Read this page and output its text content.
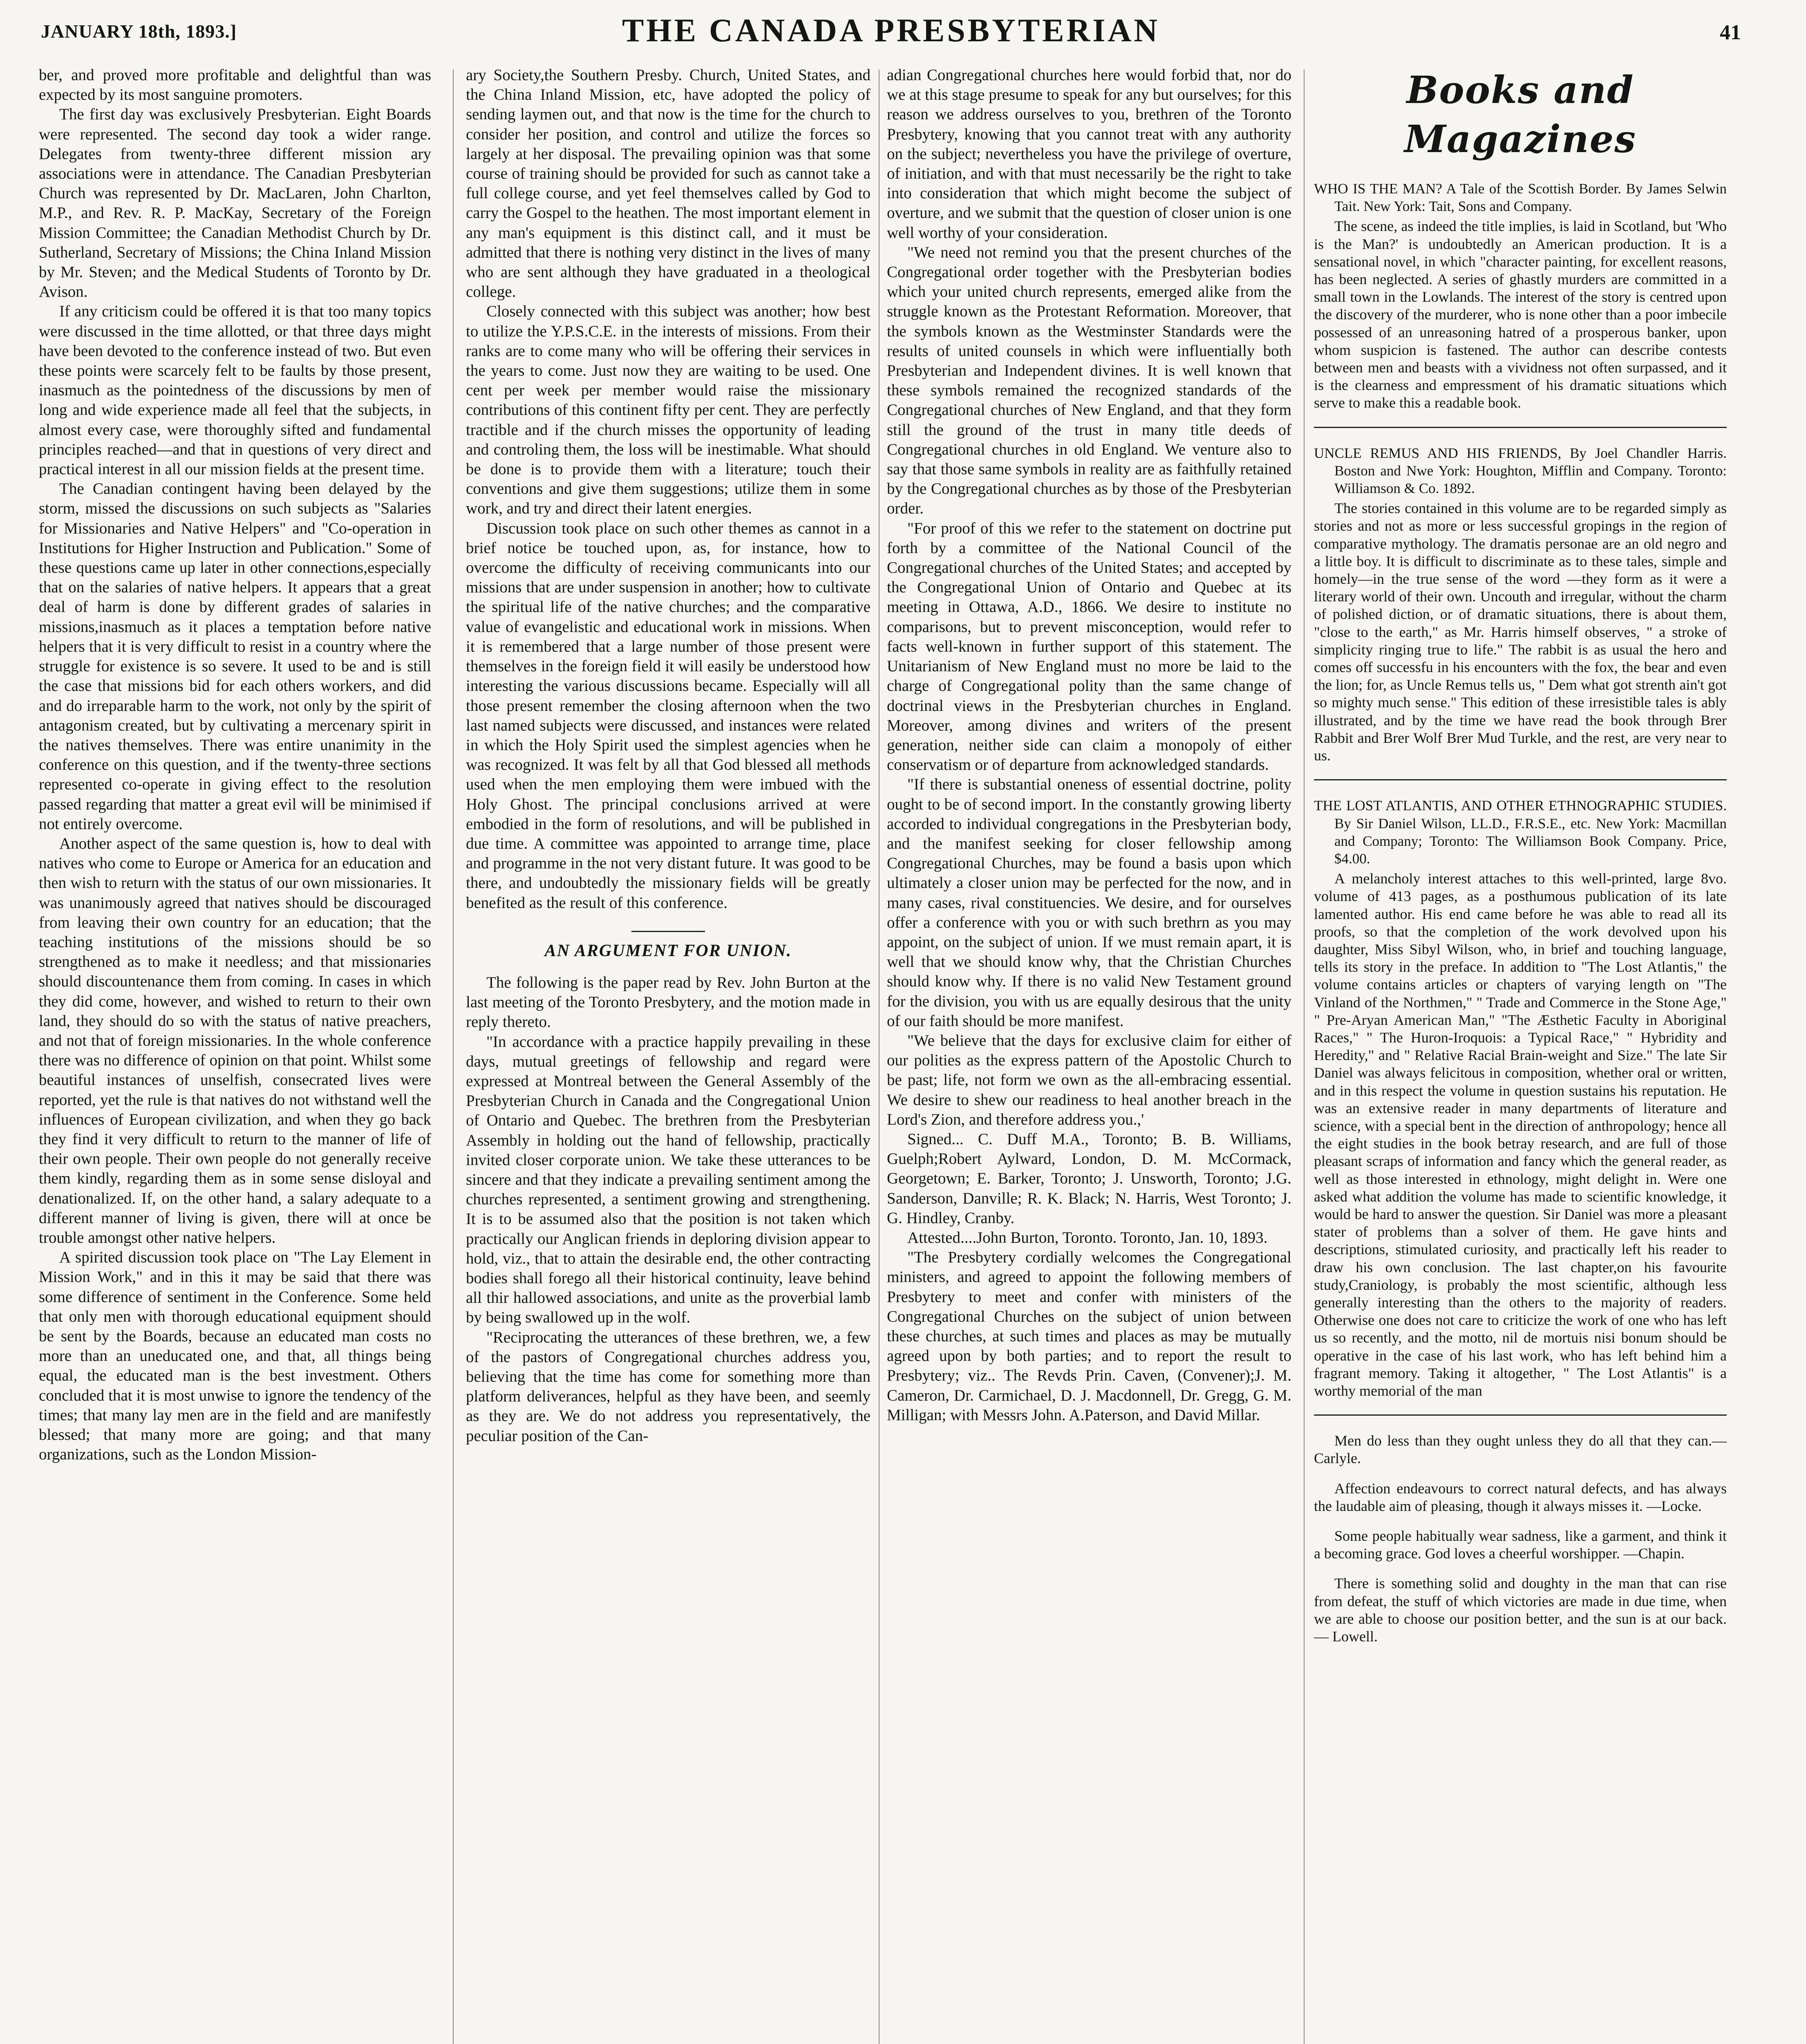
THE CANADA PRESBYTERIAN
JANUARY 18th, 1893.]	41

ber, and proved more profitable and delightful than was expected by its most sanguine promoters.

The first day was exclusively Presbyterian. Eight Boards were represented. The second day took a wider range. Delegates from twenty-three different mission ary associations were in attendance. The Canadian Presbyterian Church was represented by Dr. MacLaren, John Charlton, M.P., and Rev. R. P. MacKay, Secretary of the Foreign Mission Committee; the Canadian Methodist Church by Dr. Sutherland, Secretary of Missions; the China Inland Mission by Mr. Steven; and the Medical Students of Toronto by Dr. Avison.

If any criticism could be offered it is that too many topics were discussed in the time allotted, or that three days might have been devoted to the conference instead of two. But even these points were scarcely felt to be faults by those present, inasmuch as the pointedness of the discussions by men of long and wide experience made all feel that the subjects, in almost every case, were thoroughly sifted and fundamental principles reached—and that in questions of very direct and practical interest in all our mission fields at the present time.

The Canadian contingent having been delayed by the storm, missed the discussions on such subjects as "Salaries for Missionaries and Native Helpers" and "Co-operation in Institutions for Higher Instruction and Publication." Some of these questions came up later in other connections,especially that on the salaries of native helpers. It appears that a great deal of harm is done by different grades of salaries in missions,inasmuch as it places a temptation before native helpers that it is very difficult to resist in a country where the struggle for existence is so severe. It used to be and is still the case that missions bid for each others workers, and did and do irreparable harm to the work, not only by the spirit of antagonism created, but by cultivating a mercenary spirit in the natives themselves. There was entire unanimity in the conference on this question, and if the twenty-three sections represented co-operate in giving effect to the resolution passed regarding that matter a great evil will be minimised if not entirely overcome.

Another aspect of the same question is, how to deal with natives who come to Europe or America for an education and then wish to return with the status of our own missionaries. It was unanimously agreed that natives should be discouraged from leaving their own country for an education; that the teaching institutions of the missions should be so strengthened as to make it needless; and that missionaries should discountenance them from coming. In cases in which they did come, however, and wished to return to their own land, they should do so with the status of native preachers, and not that of foreign missionaries. In the whole conference there was no difference of opinion on that point. Whilst some beautiful instances of unselfish, consecrated lives were reported, yet the rule is that natives do not withstand well the influences of European civilization, and when they go back they find it very difficult to return to the manner of life of their own people. Their own people do not generally receive them kindly, regarding them as in some sense disloyal and denationalized. If, on the other hand, a salary adequate to a different manner of living is given, there will at once be trouble amongst other native helpers.

A spirited discussion took place on "The Lay Element in Mission Work," and in this it may be said that there was some difference of sentiment in the Conference. Some held that only men with thorough educational equipment should be sent by the Boards, because an educated man costs no more than an uneducated one, and that, all things being equal, the educated man is the best investment. Others concluded that it is most unwise to ignore the tendency of the times; that many lay men are in the field and are manifestly blessed; that many more are going; and that many organizations, such as the London Mission-

ary Society,the Southern Presby. Church, United States, and the China Inland Mission, etc, have adopted the policy of sending laymen out, and that now is the time for the church to consider her position, and control and utilize the forces so largely at her disposal. The prevailing opinion was that some course of training should be provided for such as cannot take a full college course, and yet feel themselves called by God to carry the Gospel to the heathen. The most important element in any man's equipment is this distinct call, and it must be admitted that there is nothing very distinct in the lives of many who are sent although they have graduated in a theological college.

Closely connected with this subject was another; how best to utilize the Y.P.S.C.E. in the interests of missions. From their ranks are to come many who will be offering their services in the years to come. Just now they are waiting to be used. One cent per week per member would raise the missionary contributions of this continent fifty per cent. They are perfectly tractible and if the church misses the opportunity of leading and controling them, the loss will be inestimable. What should be done is to provide them with a literature; touch their conventions and give them suggestions; utilize them in some work, and try and direct their latent energies.

Discussion took place on such other themes as cannot in a brief notice be touched upon, as, for instance, how to overcome the difficulty of receiving communicants into our missions that are under suspension in another; how to cultivate the spiritual life of the native churches; and the comparative value of evangelistic and educational work in missions. When it is remembered that a large number of those present were themselves in the foreign field it will easily be understood how interesting the various discussions became. Especially will all those present remember the closing afternoon when the two last named subjects were discussed, and instances were related in which the Holy Spirit used the simplest agencies when he was recognized. It was felt by all that God blessed all methods used when the men employing them were imbued with the Holy Ghost. The principal conclusions arrived at were embodied in the form of resolutions, and will be published in due time. A committee was appointed to arrange time, place and programme in the not very distant future. It was good to be there, and undoubtedly the missionary fields will be greatly benefited as the result of this conference.

AN ARGUMENT FOR UNION.

The following is the paper read by Rev. John Burton at the last meeting of the Toronto Presbytery, and the motion made in reply thereto.

"In accordance with a practice happily prevailing in these days, mutual greetings of fellowship and regard were expressed at Montreal between the General Assembly of the Presbyterian Church in Canada and the Congregational Union of Ontario and Quebec. The brethren from the Presbyterian Assembly in holding out the hand of fellowship, practically invited closer corporate union. We take these utterances to be sincere and that they indicate a prevailing sentiment among the churches represented, a sentiment growing and strengthening. It is to be assumed also that the position is not taken which practically our Anglican friends in deploring division appear to hold, viz., that to attain the desirable end, the other contracting bodies shall forego all their historical continuity, leave behind all thir hallowed associations, and unite as the proverbial lamb by being swallowed up in the wolf.

"Reciprocating the utterances of these brethren, we, a few of the pastors of Congregational churches address you, believing that the time has come for something more than platform deliverances, helpful as they have been, and seemly as they are. We do not address you representatively, the peculiar position of the Can-

adian Congregational churches here would forbid that, nor do we at this stage presume to speak for any but ourselves; for this reason we address ourselves to you, brethren of the Toronto Presbytery, knowing that you cannot treat with any authority on the subject; nevertheless you have the privilege of overture, of initiation, and with that must necessarily be the right to take into consideration that which might become the subject of overture, and we submit that the question of closer union is one well worthy of your consideration.

"We need not remind you that the present churches of the Congregational order together with the Presbyterian bodies which your united church represents, emerged alike from the struggle known as the Protestant Reformation. Moreover, that the symbols known as the Westminster Standards were the results of united counsels in which were influentially both Presbyterian and Independent divines. It is well known that these symbols remained the recognized standards of the Congregational churches of New England, and that they form still the ground of the trust in many title deeds of Congregational churches in old England. We venture also to say that those same symbols in reality are as faithfully retained by the Congregational churches as by those of the Presbyterian order.

"For proof of this we refer to the statement on doctrine put forth by a committee of the National Council of the Congregational churches of the United States; and accepted by the Congregational Union of Ontario and Quebec at its meeting in Ottawa, A.D., 1866. We desire to institute no comparisons, but to prevent misconception, would refer to facts well-known in further support of this statement. The Unitarianism of New England must no more be laid to the charge of Congregational polity than the same change of doctrinal views in the Presbyterian churches in England. Moreover, among divines and writers of the present generation, neither side can claim a monopoly of either conservatism or of departure from acknowledged standards.

"If there is substantial oneness of essential doctrine, polity ought to be of second import. In the constantly growing liberty accorded to individual congregations in the Presbyterian body, and the manifest seeking for closer fellowship among Congregational Churches, may be found a basis upon which ultimately a closer union may be perfected for the now, and in many cases, rival constituencies. We desire, and for ourselves offer a conference with you or with such brethrn as you may appoint, on the subject of union. If we must remain apart, it is well that we should know why, that the Christian Churches should know why. If there is no valid New Testament ground for the division, you with us are equally desirous that the unity of our faith should be more manifest.

"We believe that the days for exclusive claim for either of our polities as the express pattern of the Apostolic Church to be past; life, not form we own as the all-embracing essential. We desire to shew our readiness to heal another breach in the Lord's Zion, and therefore address you.,'

Signed... C. Duff M.A., Toronto; B. B. Williams, Guelph;Robert Aylward, London, D. M. McCormack, Georgetown; E. Barker, Toronto; J. Unsworth, Toronto; J.G. Sanderson, Danville; R. K. Black; N. Harris, West Toronto; J. G. Hindley, Cranby.

Attested....John Burton, Toronto. Toronto, Jan. 10, 1893.

"The Presbytery cordially welcomes the Congregational ministers, and agreed to appoint the following members of Presbytery to meet and confer with ministers of the Congregational Churches on the subject of union between these churches, at such times and places as may be mutually agreed upon by both parties; and to report the result to Presbytery; viz.. The Revds Prin. Caven, (Convener);J. M. Cameron, Dr. Carmichael, D. J. Macdonnell, Dr. Gregg, G. M. Milligan; with Messrs John. A.Paterson, and David Millar.

Books and Magazines

WHO IS THE MAN? A Tale of the Scottish Border. By James Selwin Tait. New York: Tait, Sons and Company.

The scene, as indeed the title implies, is laid in Scotland, but 'Who is the Man?' is undoubtedly an American production. It is a sensational novel, in which "character painting, for excellent reasons, has been neglected. A series of ghastly murders are committed in a small town in the Lowlands. The interest of the story is centred upon the discovery of the murderer, who is none other than a poor imbecile possessed of an unreasoning hatred of a prosperous banker, upon whom suspicion is fastened. The author can describe contests between men and beasts with a vividness not often surpassed, and it is the clearness and empressment of his dramatic situations which serve to make this a readable book.

UNCLE REMUS AND HIS FRIENDS, By Joel Chandler Harris. Boston and Nwe York: Houghton, Mifflin and Company. Toronto: Williamson & Co. 1892.

The stories contained in this volume are to be regarded simply as stories and not as more or less successful gropings in the region of comparative mythology. The dramatis personae are an old negro and a little boy. It is difficult to discriminate as to these tales, simple and homely—in the true sense of the word —they form as it were a literary world of their own. Uncouth and irregular, without the charm of polished diction, or of dramatic situations, there is about them, "close to the earth," as Mr. Harris himself observes, " a stroke of simplicity ringing true to life." The rabbit is as usual the hero and comes off successfu in his encounters with the fox, the bear and even the lion; for, as Uncle Remus tells us, " Dem what got strenth ain't got so mighty much sense." This edition of these irresistible tales is ably illustrated, and by the time we have read the book through Brer Rabbit and Brer Wolf Brer Mud Turkle, and the rest, are very near to us.

THE LOST ATLANTIS, AND OTHER ETHNOGRAPHIC STUDIES. By Sir Daniel Wilson, LL.D., F.R.S.E., etc. New York: Macmillan and Company; Toronto: The Williamson Book Company. Price, $4.00.

A melancholy interest attaches to this well-printed, large 8vo. volume of 413 pages, as a posthumous publication of its late lamented author. His end came before he was able to read all its proofs, so that the completion of the work devolved upon his daughter, Miss Sibyl Wilson, who, in brief and touching language, tells its story in the preface. In addition to "The Lost Atlantis," the volume contains articles or chapters of varying length on "The Vinland of the Northmen," " Trade and Commerce in the Stone Age," " Pre-Aryan American Man," "The Æsthetic Faculty in Aboriginal Races," " The Huron-Iroquois: a Typical Race," " Hybridity and Heredity," and " Relative Racial Brain-weight and Size." The late Sir Daniel was always felicitous in composition, whether oral or written, and in this respect the volume in question sustains his reputation. He was an extensive reader in many departments of literature and science, with a special bent in the direction of anthropology; hence all the eight studies in the book betray research, and are full of those pleasant scraps of information and fancy which the general reader, as well as those interested in ethnology, might delight in. Were one asked what addition the volume has made to scientific knowledge, it would be hard to answer the question. Sir Daniel was more a pleasant stater of problems than a solver of them. He gave hints and descriptions, stimulated curiosity, and practically left his reader to draw his own conclusion. The last chapter,on his favourite study,Craniology, is probably the most scientific, although less generally interesting than the others to the majority of readers. Otherwise one does not care to criticize the work of one who has left us so recently, and the motto, nil de mortuis nisi bonum should be operative in the case of his last work, who has left behind him a fragrant memory. Taking it altogether, " The Lost Atlantis" is a worthy memorial of the man

Men do less than they ought unless they do all that they can.—Carlyle.

Affection endeavours to correct natural defects, and has always the laudable aim of pleasing, though it always misses it. —Locke.

Some people habitually wear sadness, like a garment, and think it a becoming grace. God loves a cheerful worshipper. —Chapin.

There is something solid and doughty in the man that can rise from defeat, the stuff of which victories are made in due time, when we are able to choose our position better, and the sun is at our back.— Lowell.
